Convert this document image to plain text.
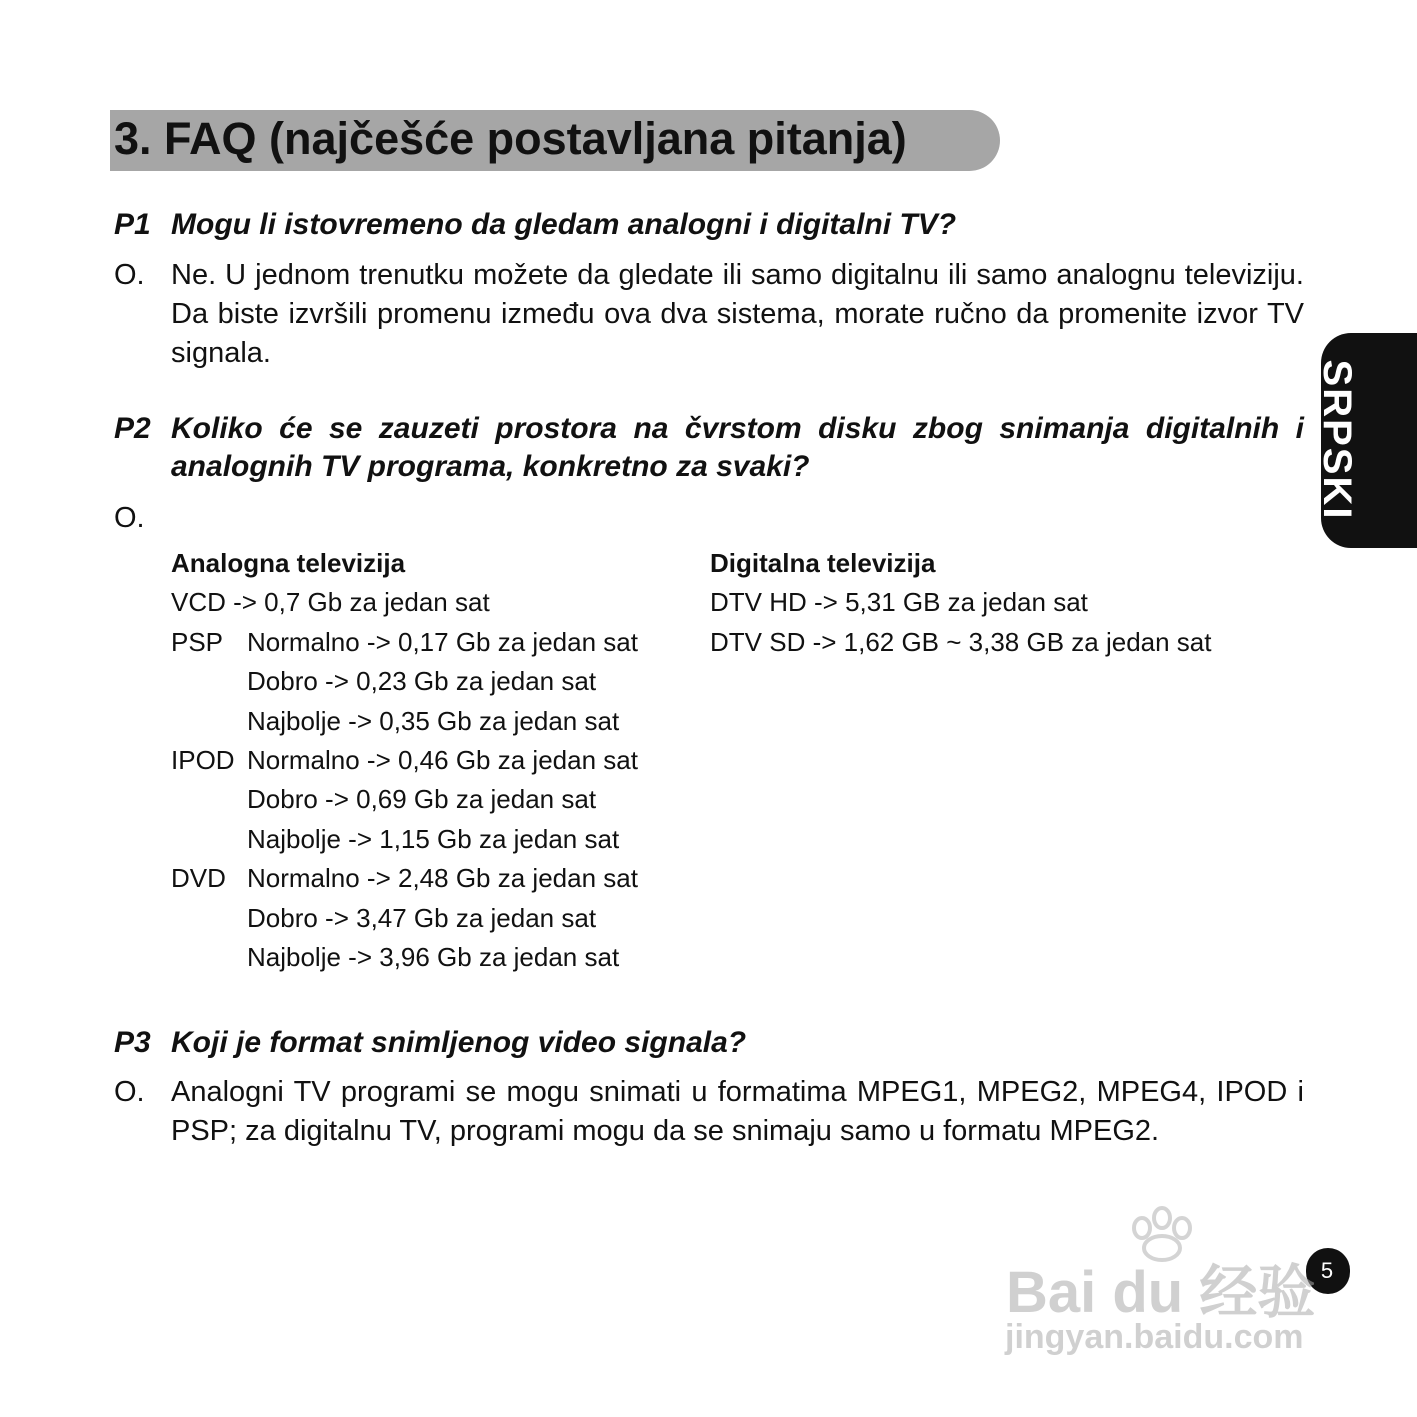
3. FAQ (najčešće postavljana pitanja)
SRPSKI
P1 Mogu li istovremeno da gledam analogni i digitalni TV?
O. Ne. U jednom trenutku možete da gledate ili samo digitalnu ili samo analognu televiziju. Da biste izvršili promenu između ova dva sistema, morate ručno da promenite izvor TV signala.
P2 Koliko će se zauzeti prostora na čvrstom disku zbog snimanja digitalnih i analognih TV programa, konkretno za svaki?
O.
Analogna televizija
VCD -> 0,7 Gb za jedan sat
PSP Normalno -> 0,17 Gb za jedan sat
Dobro -> 0,23 Gb za jedan sat
Najbolje -> 0,35 Gb za jedan sat
IPOD Normalno -> 0,46 Gb za jedan sat
Dobro -> 0,69 Gb za jedan sat
Najbolje -> 1,15 Gb za jedan sat
DVD Normalno -> 2,48 Gb za jedan sat
Dobro -> 3,47 Gb za jedan sat
Najbolje -> 3,96 Gb za jedan sat
Digitalna televizija
DTV HD -> 5,31 GB za jedan sat
DTV SD -> 1,62 GB ~ 3,38 GB za jedan sat
P3 Koji je format snimljenog video signala?
O. Analogni TV programi se mogu snimati u formatima MPEG1, MPEG2, MPEG4, IPOD i PSP; za digitalnu TV, programi mogu da se snimaju samo u formatu MPEG2.
5
Bai du 经验
jingyan.baidu.com
